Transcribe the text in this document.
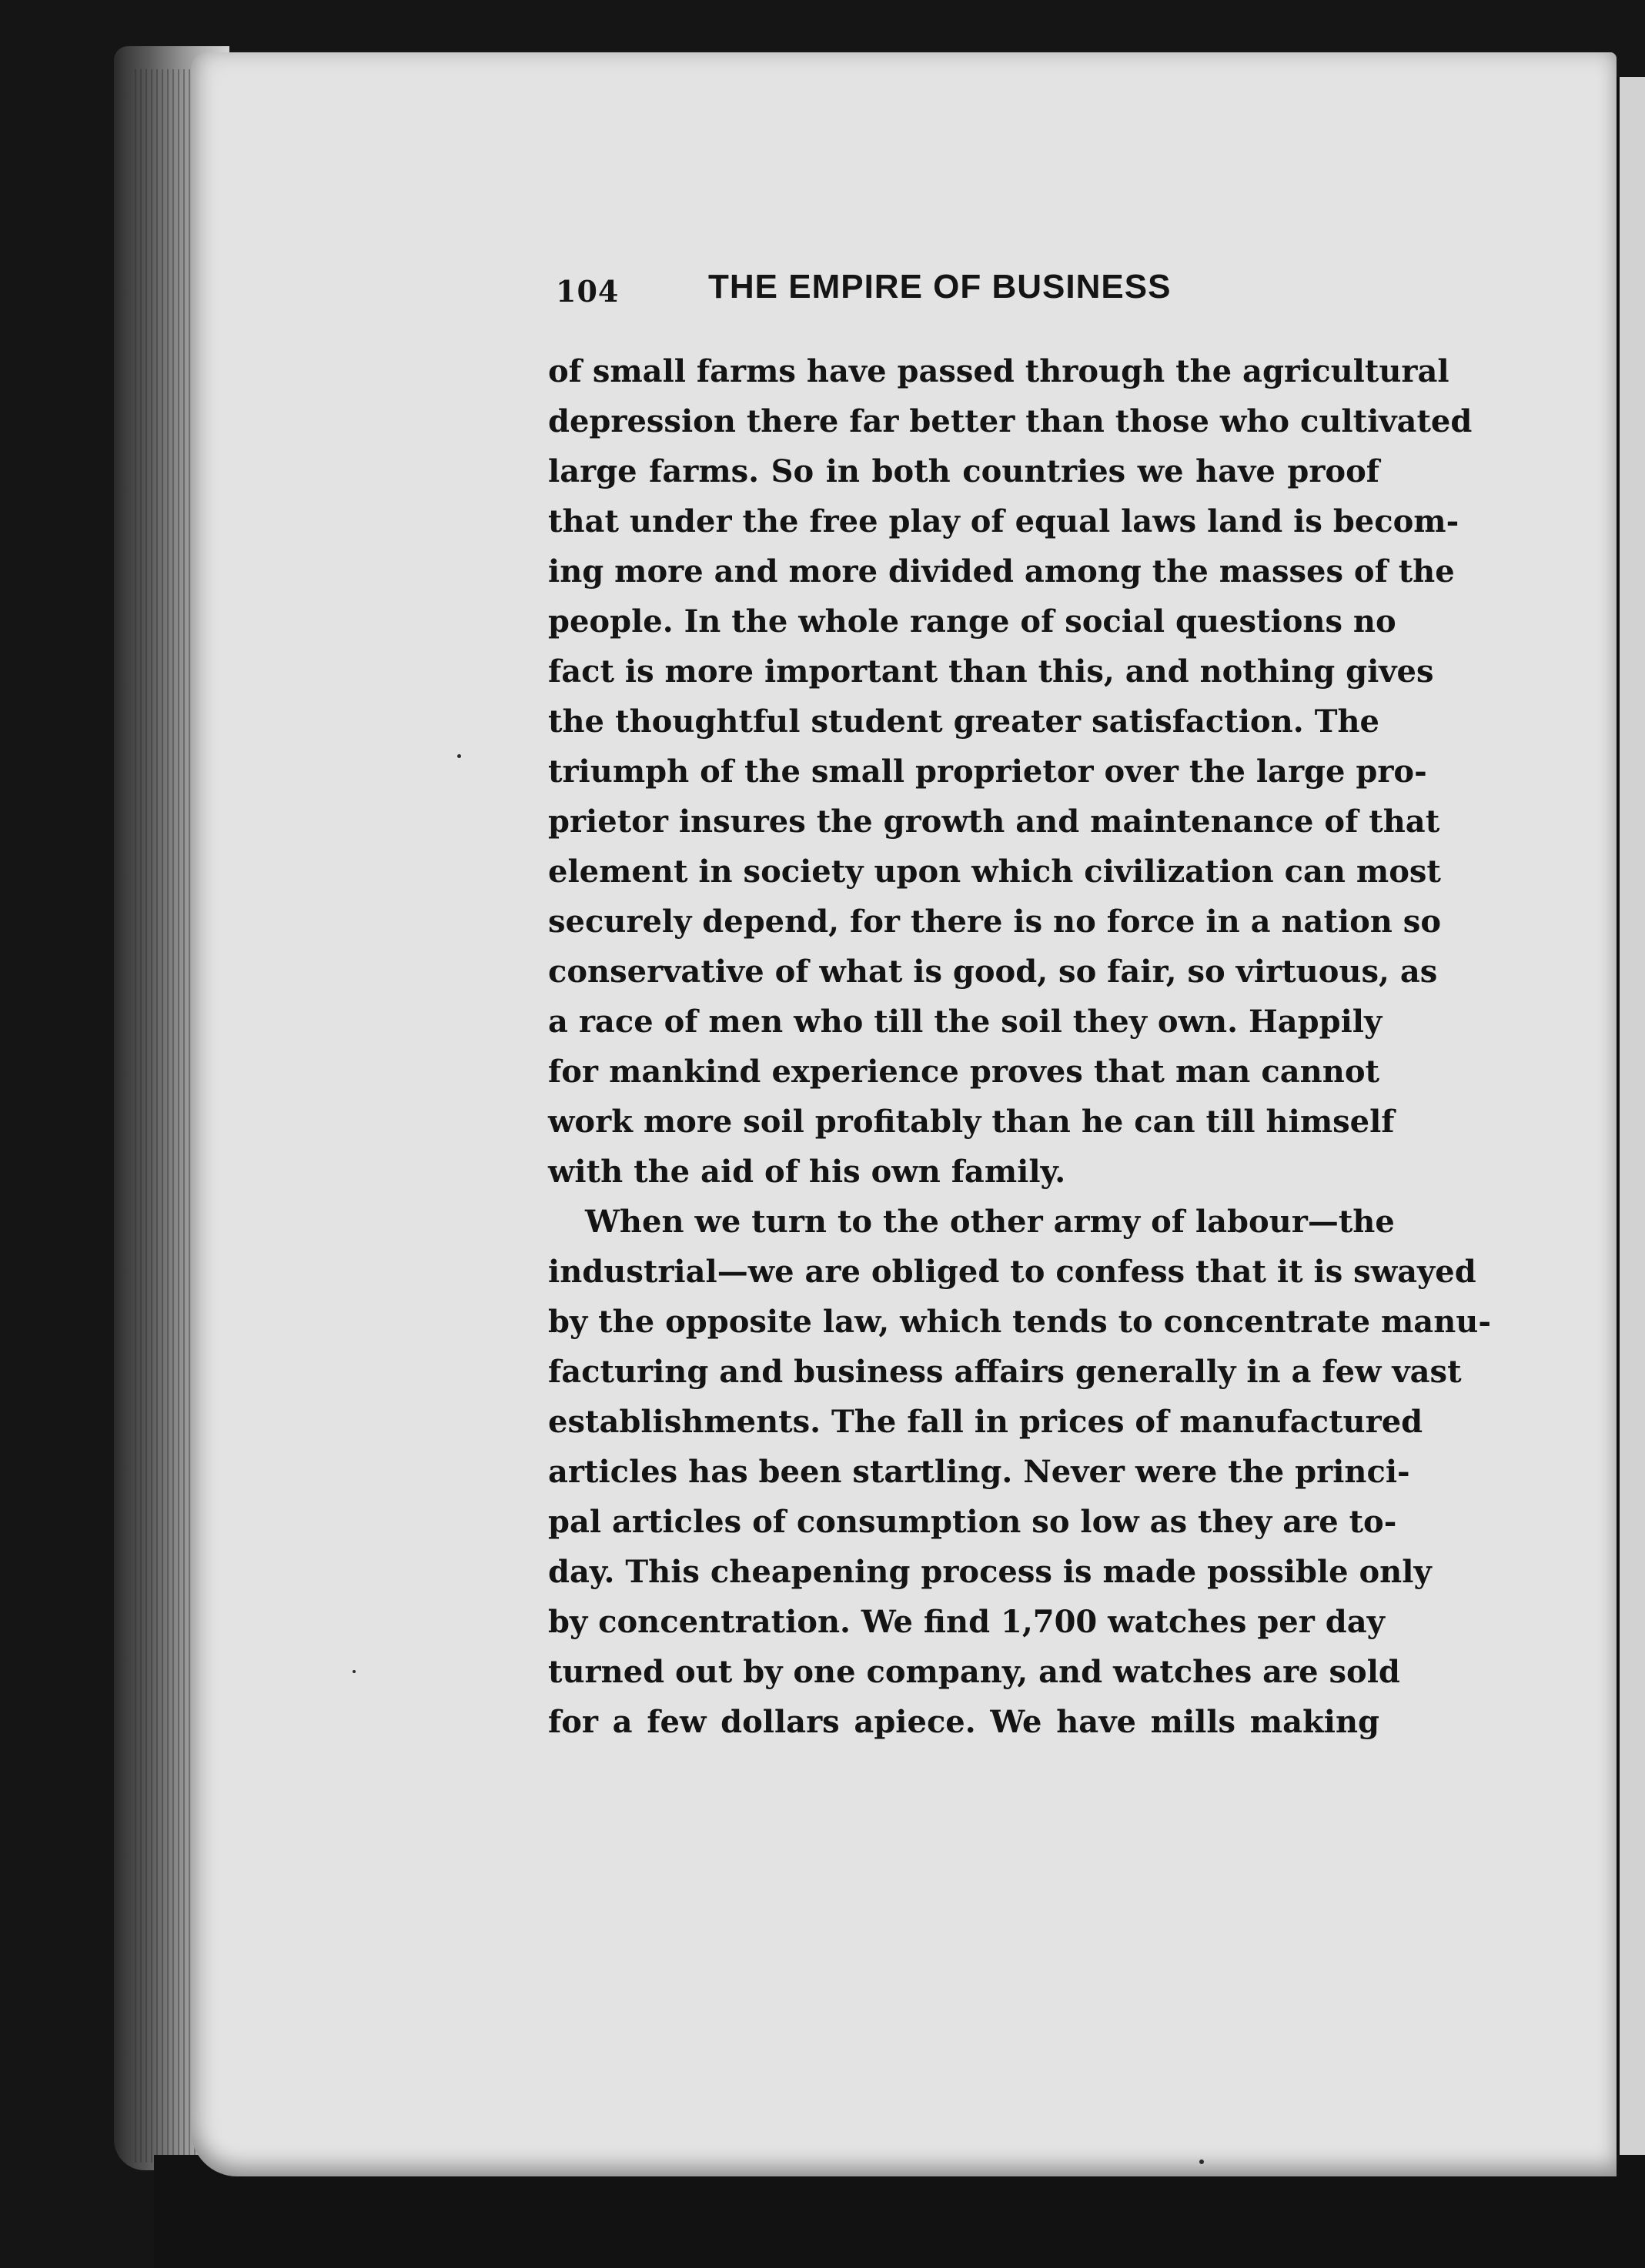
104	THE EMPIRE OF BUSINESS
of small farms have passed through the agricultural
depression there far better than those who cultivated
large farms. So in both countries we have proof
that under the free play of equal laws land is becom-
ing more and more divided among the masses of the
people. In the whole range of social questions no
fact is more important than this, and nothing gives
the thoughtful student greater satisfaction. The
triumph of the small proprietor over the large pro-
prietor insures the growth and maintenance of that
element in society upon which civilization can most
securely depend, for there is no force in a nation so
conservative of what is good, so fair, so virtuous, as
a race of men who till the soil they own. Happily
for mankind experience proves that man cannot
work more soil profitably than he can till himself
with the aid of his own family.
When we turn to the other army of labour—the
industrial—we are obliged to confess that it is swayed
by the opposite law, which tends to concentrate manu-
facturing and business affairs generally in a few vast
establishments. The fall in prices of manufactured
articles has been startling. Never were the princi-
pal articles of consumption so low as they are to-
day. This cheapening process is made possible only
by concentration. We find 1,700 watches per day
turned out by one company, and watches are sold
for a few dollars apiece. We have mills making
